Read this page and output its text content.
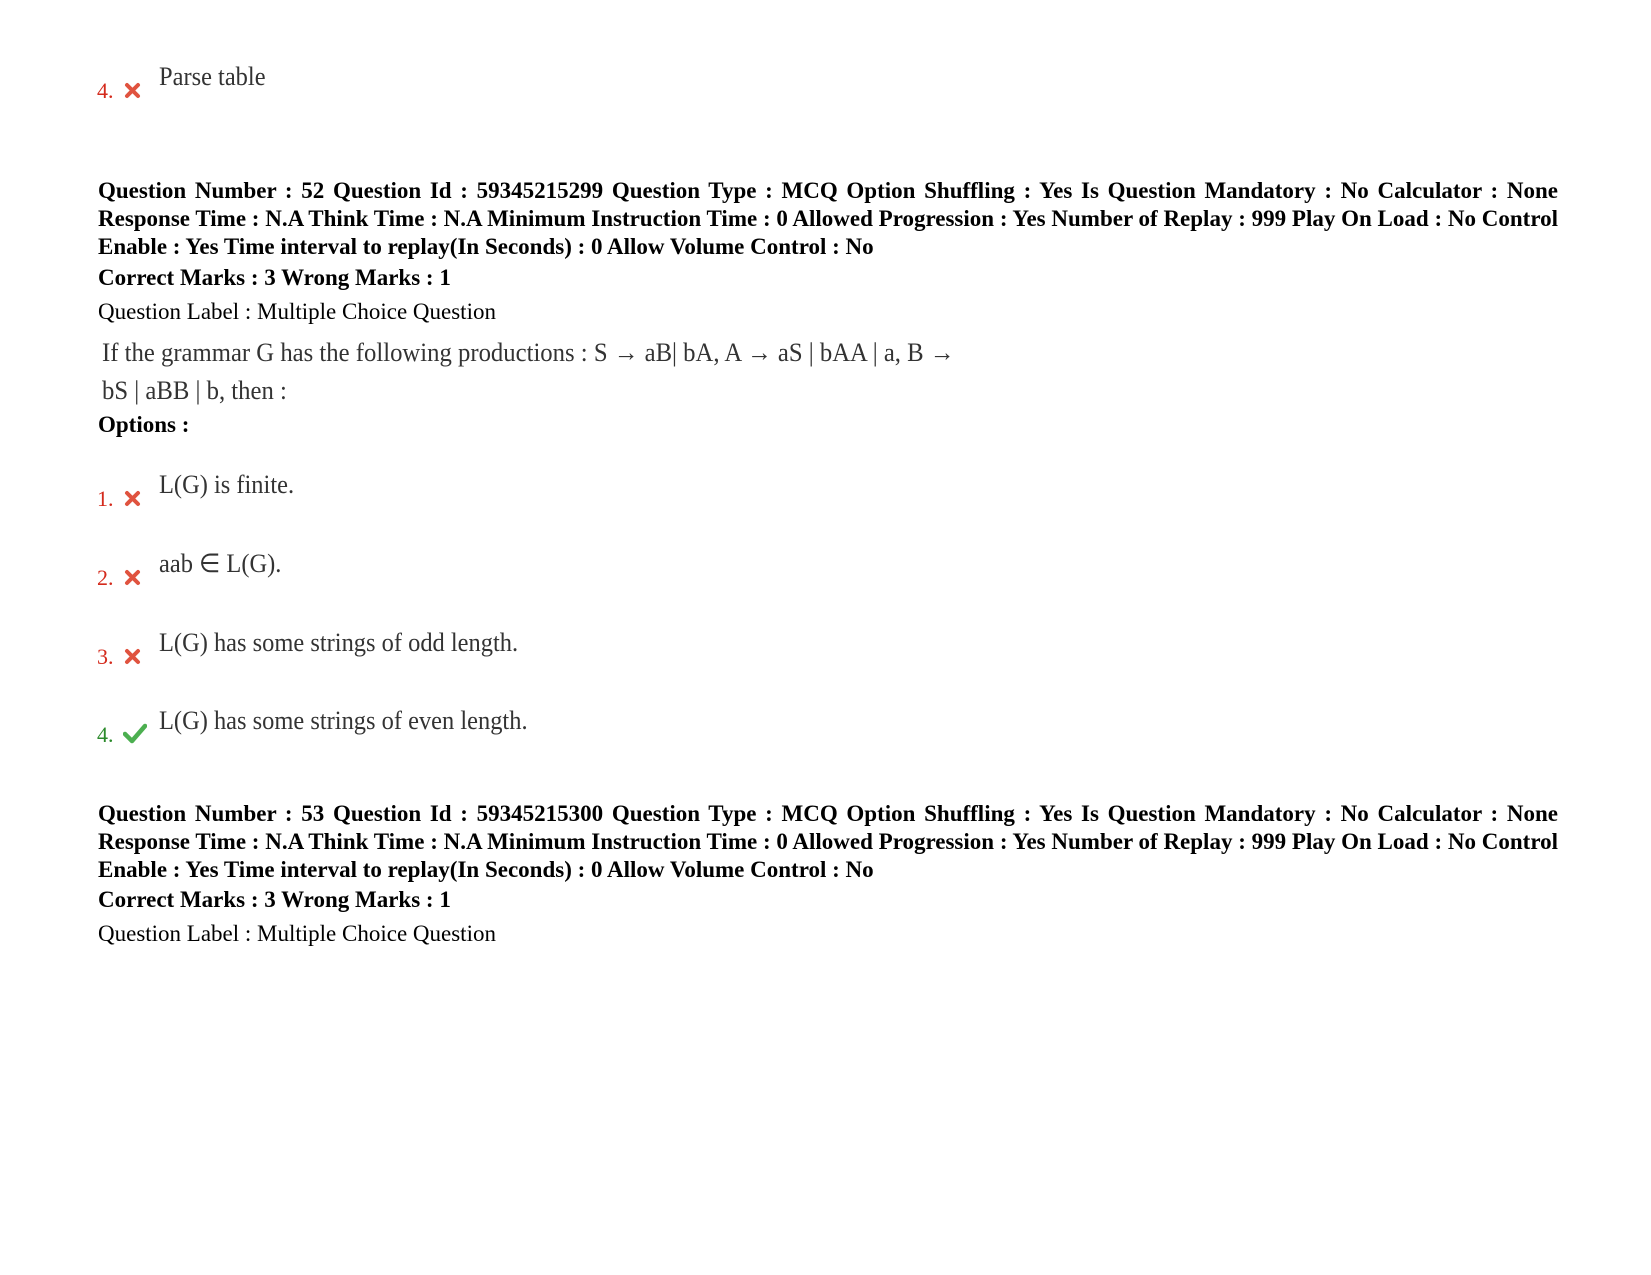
4. Parse table
Question Number : 52 Question Id : 59345215299 Question Type : MCQ Option Shuffling : Yes Is Question Mandatory : No Calculator : None Response Time : N.A Think Time : N.A Minimum Instruction Time : 0 Allowed Progression : Yes Number of Replay : 999 Play On Load : No Control Enable : Yes Time interval to replay(In Seconds) : 0 Allow Volume Control : No
Correct Marks : 3 Wrong Marks : 1
Question Label : Multiple Choice Question
If the grammar G has the following productions : S → aB| bA, A → aS | bAA | a, B →
bS | aBB | b, then :
Options :
1. L(G) is finite.
2. aab ∈ L(G).
3. L(G) has some strings of odd length.
4. L(G) has some strings of even length.
Question Number : 53 Question Id : 59345215300 Question Type : MCQ Option Shuffling : Yes Is Question Mandatory : No Calculator : None Response Time : N.A Think Time : N.A Minimum Instruction Time : 0 Allowed Progression : Yes Number of Replay : 999 Play On Load : No Control Enable : Yes Time interval to replay(In Seconds) : 0 Allow Volume Control : No
Correct Marks : 3 Wrong Marks : 1
Question Label : Multiple Choice Question
